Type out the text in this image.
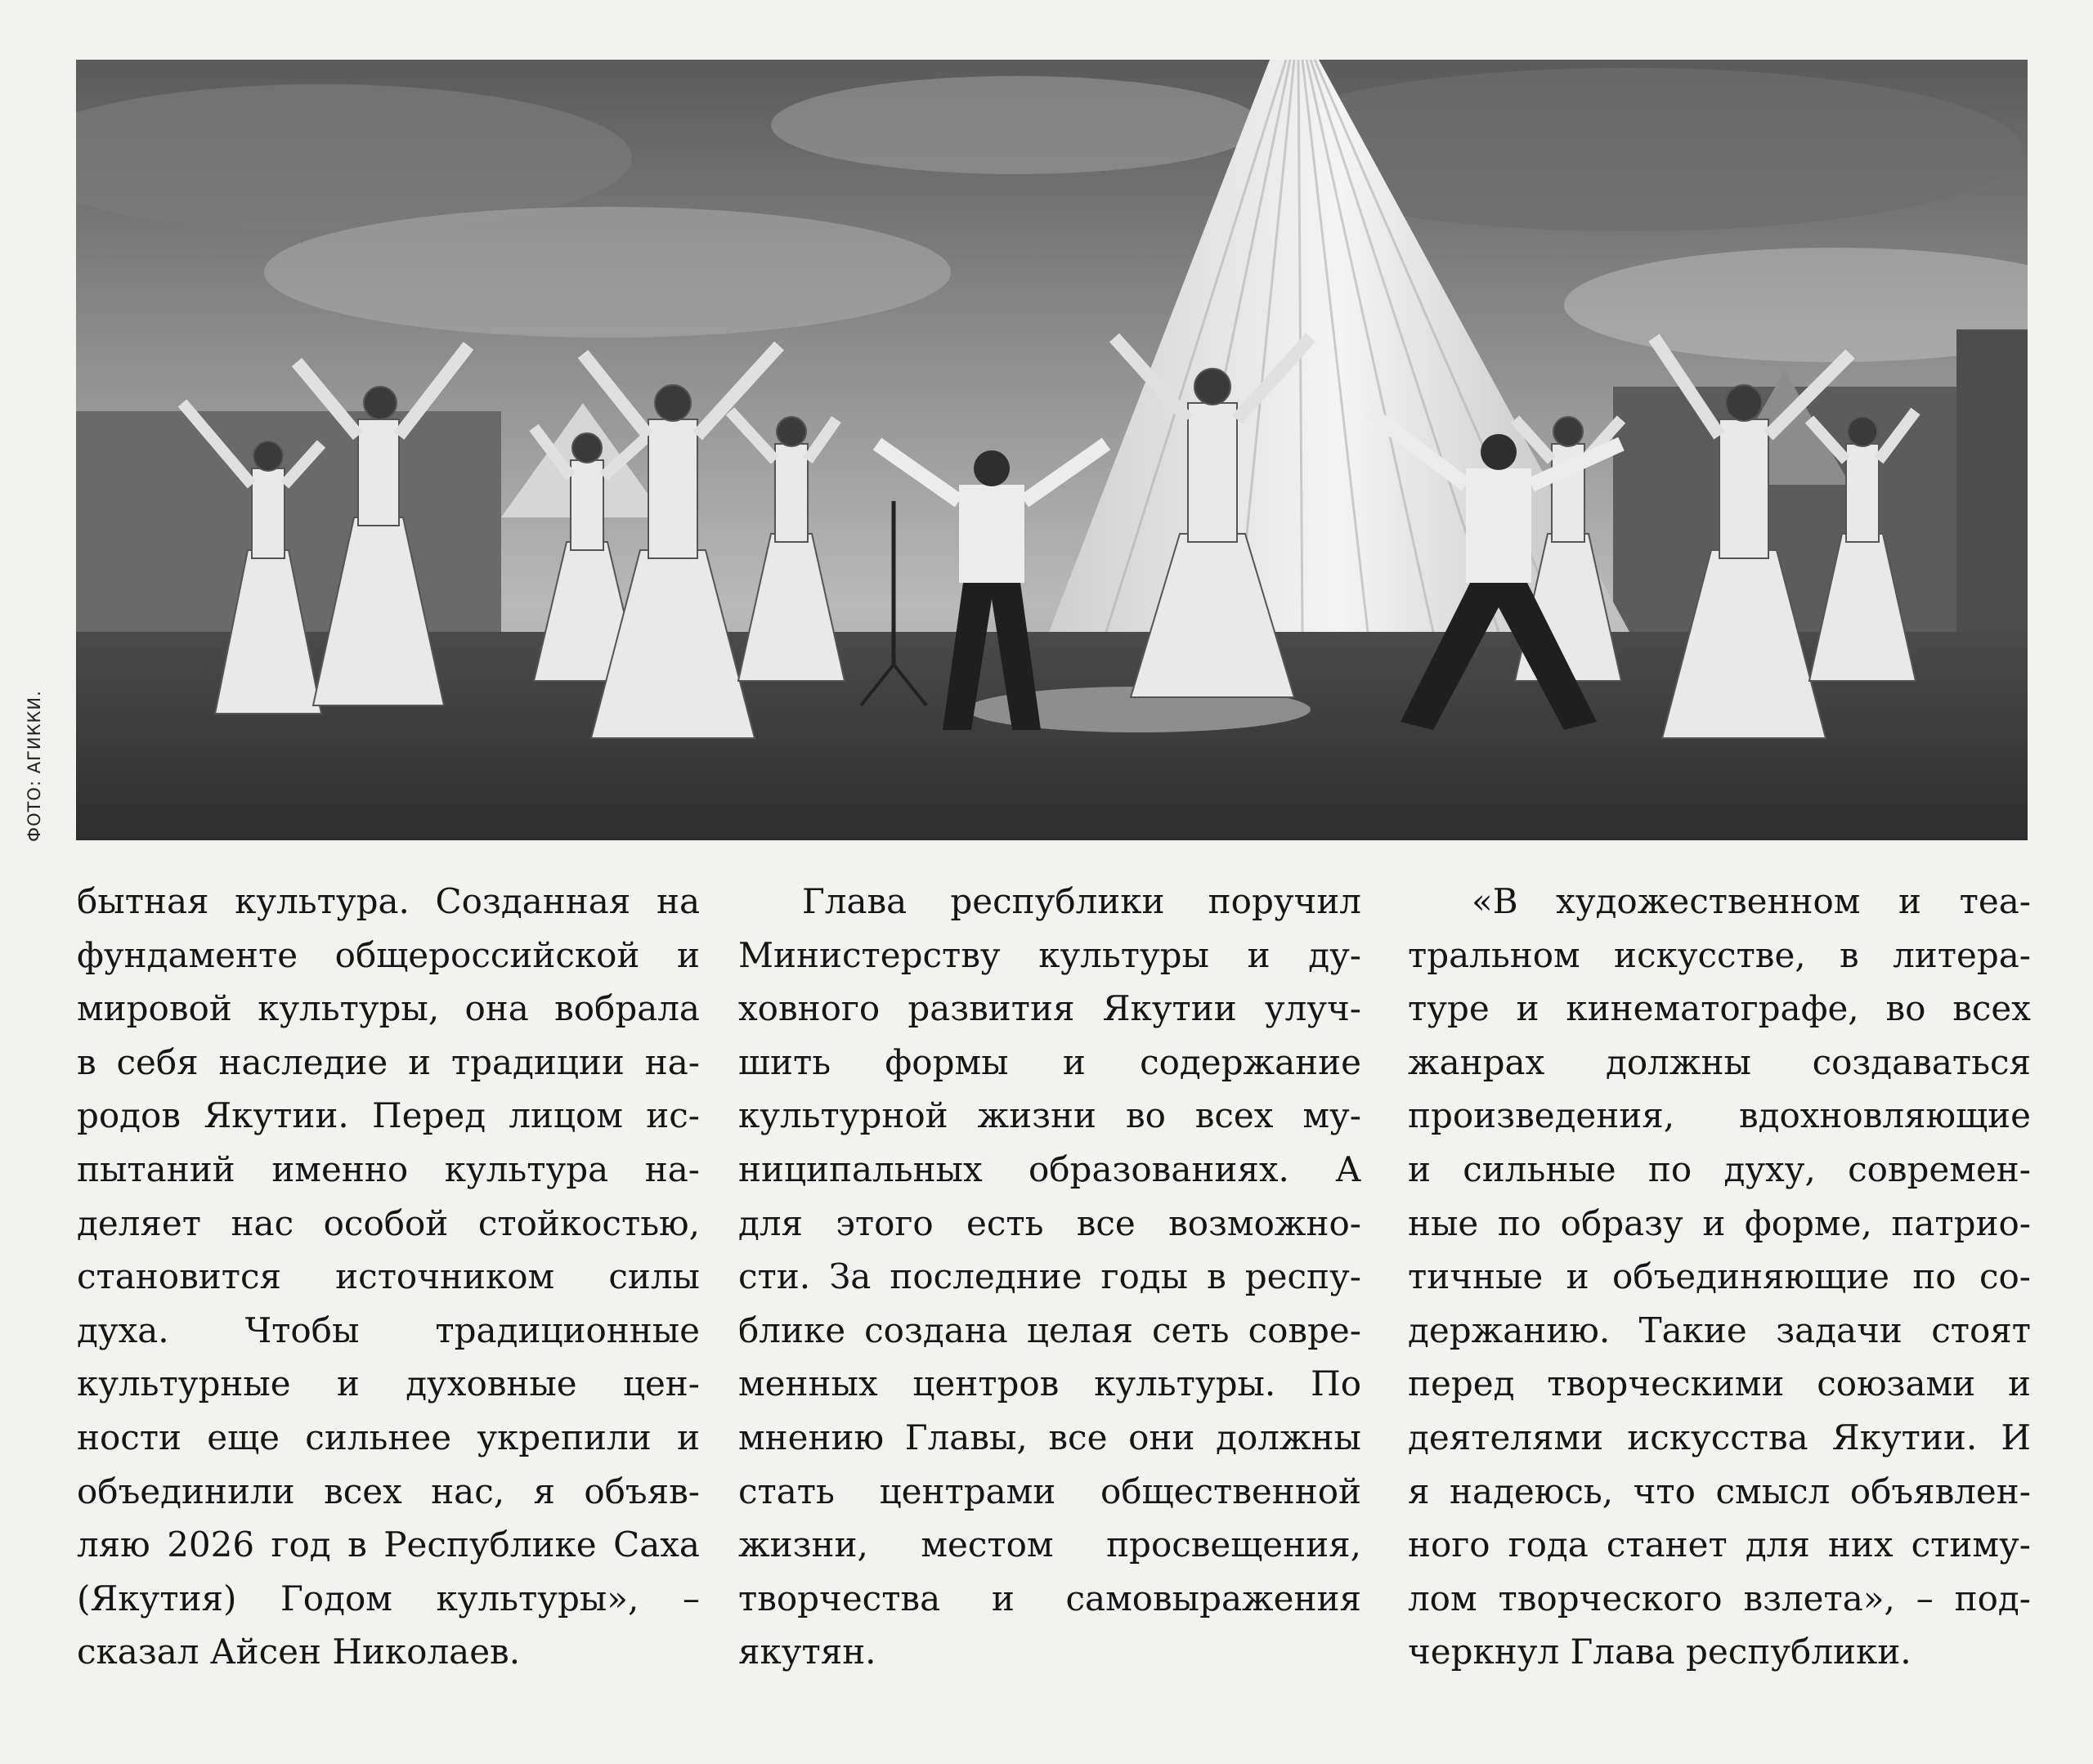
ФОТО: АГИККИ.
бытная культура. Созданная на
фундаменте общероссийской и
мировой культуры, она вобрала
в себя наследие и традиции на-
родов Якутии. Перед лицом ис-
пытаний именно культура на-
деляет нас особой стойкостью,
становится источником силы
духа. Чтобы традиционные
культурные и духовные цен-
ности еще сильнее укрепили и
объединили всех нас, я объяв-
ляю 2026 год в Республике Саха
(Якутия) Годом культуры», –
сказал Айсен Николаев.
Глава республики поручил
Министерству культуры и ду-
ховного развития Якутии улуч-
шить формы и содержание
культурной жизни во всех му-
ниципальных образованиях. А
для этого есть все возможно-
сти. За последние годы в респу-
блике создана целая сеть совре-
менных центров культуры. По
мнению Главы, все они должны
стать центрами общественной
жизни, местом просвещения,
творчества и самовыражения
якутян.
«В художественном и теа-
тральном искусстве, в литера-
туре и кинематографе, во всех
жанрах должны создаваться
произведения, вдохновляющие
и сильные по духу, современ-
ные по образу и форме, патрио-
тичные и объединяющие по со-
держанию. Такие задачи стоят
перед творческими союзами и
деятелями искусства Якутии. И
я надеюсь, что смысл объявлен-
ного года станет для них стиму-
лом творческого взлета», – под-
черкнул Глава республики.
